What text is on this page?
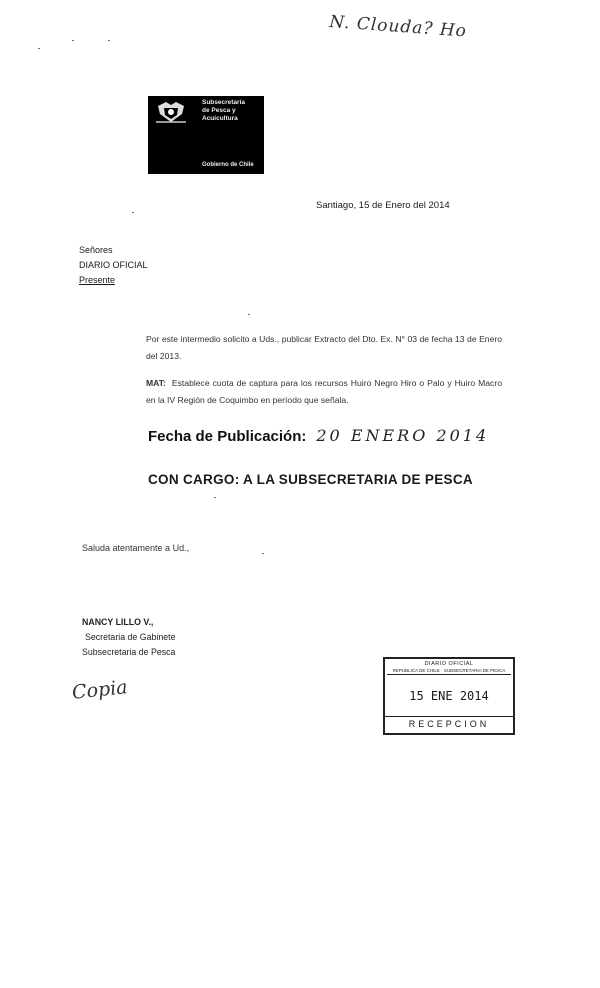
N. Clouda? Ho
Subsecretaría
de Pesca y
Acuicultura
Gobierno de Chile
Santiago, 15 de Enero del 2014
Señores
DIARIO OFICIAL
Presente
Por este intermedio solicito a Uds., publicar Extracto del Dto. Ex. N° 03 de fecha 13 de Enero del 2013.
MAT: Establece cuota de captura para los recursos Huiro Negro Hiro o Palo y Huiro Macro en la IV Región de Coquimbo en período que señala.
Fecha de Publicación: 20 ENERO 2014
CON CARGO: A LA SUBSECRETARIA DE PESCA
Saluda atentamente a Ud.,
NANCY LILLO V.,
Secretaria de Gabinete
Subsecretaria de Pesca
Copia
DIARIO OFICIAL
REPUBLICA DE CHILE · SUBSECRETARIA DE PESCA
15 ENE 2014
RECEPCION
